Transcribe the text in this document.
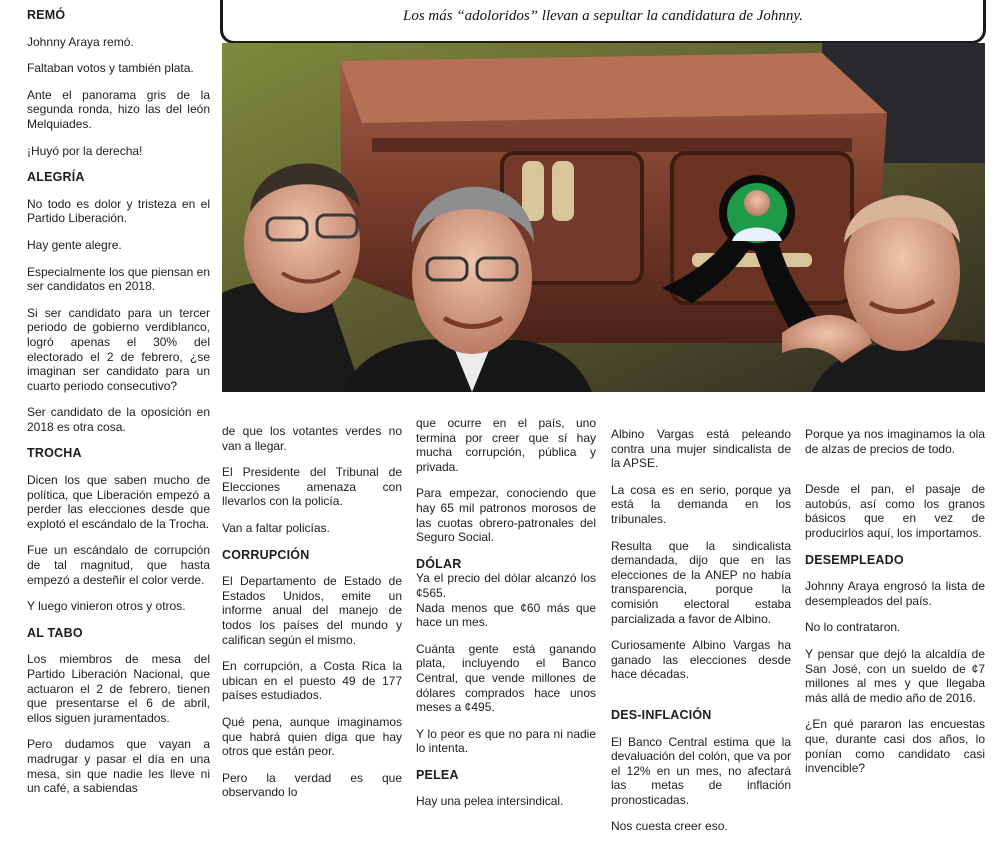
Los más “adoloridos” llevan a sepultar la candidatura de Johnny.
REMÓ

Johnny Araya remó.

Faltaban votos y también plata.

Ante el panorama gris de la segunda ronda, hizo las del león Melquiades.

¡Huyó por la derecha!

ALEGRÍA

No todo es dolor y tristeza en el Partido Liberación.

Hay gente alegre.

Especialmente los que piensan en ser candidatos en 2018.

Si ser candidato para un tercer periodo de gobierno verdiblanco, logró apenas el 30% del electorado el 2 de febrero, ¿se imaginan ser candidato para un cuarto periodo consecutivo?

Ser candidato de la oposición en 2018 es otra cosa.

TROCHA

Dicen los que saben mucho de política, que Liberación empezó a perder las elecciones desde que explotó el escándalo de la Trocha.

Fue un escándalo de corrupción de tal magnitud, que hasta empezó a desteñir el color verde.

Y luego vinieron otros y otros.

AL TABO

Los miembros de mesa del Partido Liberación Nacional, que actuaron el 2 de febrero, tienen que presentarse el 6 de abril, ellos siguen juramentados.

Pero dudamos que vayan a madrugar y pasar el día en una mesa, sin que nadie les lleve ni un café, a sabiendas

de que los votantes verdes no van a llegar.

El Presidente del Tribunal de Elecciones amenaza con llevarlos con la policía.

Van a faltar policías.

CORRUPCIÓN

El Departamento de Estado de Estados Unidos, emite un informe anual del manejo de todos los países del mundo y califican según el mismo.

En corrupción, a Costa Rica la ubican en el puesto 49 de 177 países estudiados.

Qué pena, aunque imaginamos que habrá quien diga que hay otros que están peor.

Pero la verdad es que observando lo

que ocurre en el país, uno termina por creer que sí hay mucha corrupción, pública y privada.

Para empezar, conociendo que hay 65 mil patronos morosos de las cuotas obrero-patronales del Seguro Social.

DÓLAR

Ya el precio del dólar alcanzó los ¢565.

Nada menos que ¢60 más que hace un mes.

Cuánta gente está ganando plata, incluyendo el Banco Central, que vende millones de dólares comprados hace unos meses a ¢495.

Y lo peor es que no para ni nadie lo intenta.

PELEA

Hay una pelea intersindical.

Albino Vargas está peleando contra una mujer sindicalista de la APSE.

La cosa es en serio, porque ya está la demanda en los tribunales.

Resulta que la sindicalista demandada, dijo que en las elecciones de la ANEP no había transparencia, porque la comisión electoral estaba parcializada a favor de Albino.

Curiosamente Albino Vargas ha ganado las elecciones desde hace décadas.

DES-INFLACIÓN

El Banco Central estima que la devaluación del colón, que va por el 12% en un mes, no afectará las metas de inflación pronosticadas.

Nos cuesta creer eso.

Porque ya nos imaginamos la ola de alzas de precios de todo.

Desde el pan, el pasaje de autobús, así como los granos básicos que en vez de producirlos aquí, los importamos.

DESEMPLEADO

Johnny Araya engrosó la lista de desempleados del país.

No lo contrataron.

Y pensar que dejó la alcaldía de San José, con un sueldo de ¢7 millones al mes y que llegaba más allá de medio año de 2016.

¿En qué pararon las encuestas que, durante casi dos años, lo ponían como candidato casi invencible?
